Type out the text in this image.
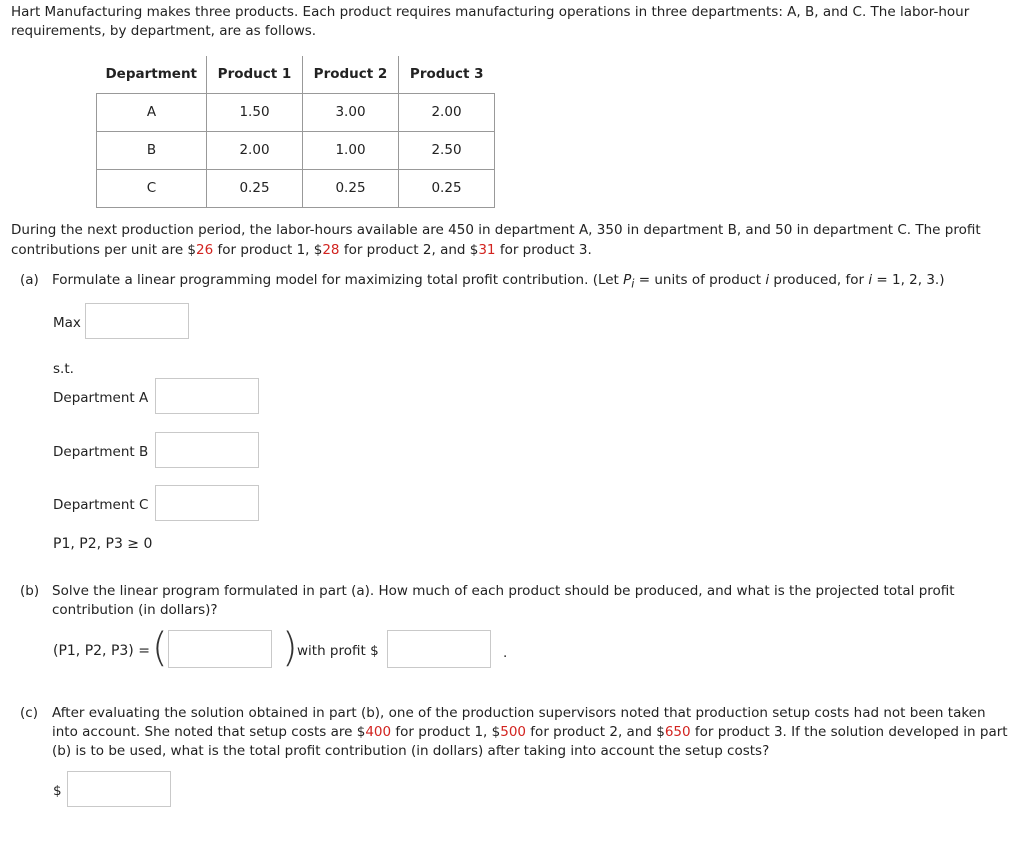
Hart Manufacturing makes three products. Each product requires manufacturing operations in three departments: A, B, and C. The labor-hour requirements, by department, are as follows.
Department	Product 1	Product 2	Product 3
A	1.50	3.00	2.00
B	2.00	1.00	2.50
C	0.25	0.25	0.25
During the next production period, the labor-hours available are 450 in department A, 350 in department B, and 50 in department C. The profit contributions per unit are $26 for product 1, $28 for product 2, and $31 for product 3.
(a) Formulate a linear programming model for maximizing total profit contribution. (Let $P_i$ = units of product i produced, for i = 1, 2, 3.)
Max
s.t.
Department A
Department B
Department C
P1, P2, P3 ≥ 0
(b) Solve the linear program formulated in part (a). How much of each product should be produced, and what is the projected total profit contribution (in dollars)?
(P1, P2, P3) = (	) with profit $	.
(c) After evaluating the solution obtained in part (b), one of the production supervisors noted that production setup costs had not been taken into account. She noted that setup costs are $400 for product 1, $500 for product 2, and $650 for product 3. If the solution developed in part (b) is to be used, what is the total profit contribution (in dollars) after taking into account the setup costs?
$
